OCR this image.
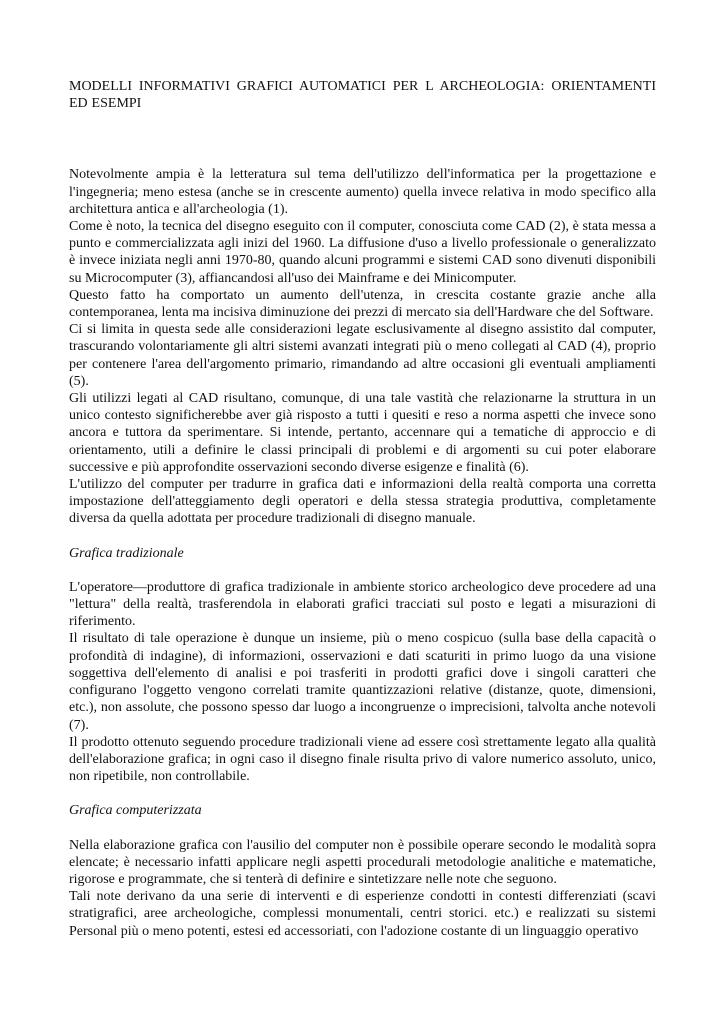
MODELLI INFORMATIVI GRAFICI AUTOMATICI PER L ARCHEOLOGIA: ORIENTAMENTI ED ESEMPI

Notevolmente ampia è la letteratura sul tema dell'utilizzo dell'informatica per la progettazione e l'ingegneria; meno estesa (anche se in crescente aumento) quella invece relativa in modo specifico alla architettura antica e all'archeologia (1).

Come è noto, la tecnica del disegno eseguito con il computer, conosciuta come CAD (2), è stata messa a punto e commercializzata agli inizi del 1960. La diffusione d'uso a livello professionale o generalizzato è invece iniziata negli anni 1970-80, quando alcuni programmi e sistemi CAD sono divenuti disponibili su Microcomputer (3), affiancandosi all'uso dei Mainframe e dei Minicomputer.

Questo fatto ha comportato un aumento dell'utenza, in crescita costante grazie anche alla contemporanea, lenta ma incisiva diminuzione dei prezzi di mercato sia dell'Hardware che del Software.

Ci si limita in questa sede alle considerazioni legate esclusivamente al disegno assistito dal computer, trascurando volontariamente gli altri sistemi avanzati integrati più o meno collegati al CAD (4), proprio per contenere l'area dell'argomento primario, rimandando ad altre occasioni gli eventuali ampliamenti (5).

Gli utilizzi legati al CAD risultano, comunque, di una tale vastità che relazionarne la struttura in un unico contesto significherebbe aver già risposto a tutti i quesiti e reso a norma aspetti che invece sono ancora e tuttora da sperimentare. Si intende, pertanto, accennare qui a tematiche di approccio e di orientamento, utili a definire le classi principali di problemi e di argomenti su cui poter elaborare successive e più approfondite osservazioni secondo diverse esigenze e finalità (6).

L'utilizzo del computer per tradurre in grafica dati e informazioni della realtà comporta una corretta impostazione dell'atteggiamento degli operatori e della stessa strategia produttiva, completamente diversa da quella adottata per procedure tradizionali di disegno manuale.

Grafica tradizionale

L'operatore—produttore di grafica tradizionale in ambiente storico archeologico deve procedere ad una "lettura" della realtà, trasferendola in elaborati grafici tracciati sul posto e legati a misurazioni di riferimento.

Il risultato di tale operazione è dunque un insieme, più o meno cospicuo (sulla base della capacità o profondità di indagine), di informazioni, osservazioni e dati scaturiti in primo luogo da una visione soggettiva dell'elemento di analisi e poi trasferiti in prodotti grafici dove i singoli caratteri che configurano l'oggetto vengono correlati tramite quantizzazioni relative (distanze, quote, dimensioni, etc.), non assolute, che possono spesso dar luogo a incongruenze o imprecisioni, talvolta anche notevoli (7).

Il prodotto ottenuto seguendo procedure tradizionali viene ad essere così strettamente legato alla qualità dell'elaborazione grafica; in ogni caso il disegno finale risulta privo di valore numerico assoluto, unico, non ripetibile, non controllabile.

Grafica computerizzata

Nella elaborazione grafica con l'ausilio del computer non è possibile operare secondo le modalità sopra elencate; è necessario infatti applicare negli aspetti procedurali metodologie analitiche e matematiche, rigorose e programmate, che si tenterà di definire e sintetizzare nelle note che seguono.

Tali note derivano da una serie di interventi e di esperienze condotti in contesti differenziati (scavi stratigrafici, aree archeologiche, complessi monumentali, centri storici. etc.) e realizzati su sistemi Personal più o meno potenti, estesi ed accessoriati, con l'adozione costante di un linguaggio operativo
